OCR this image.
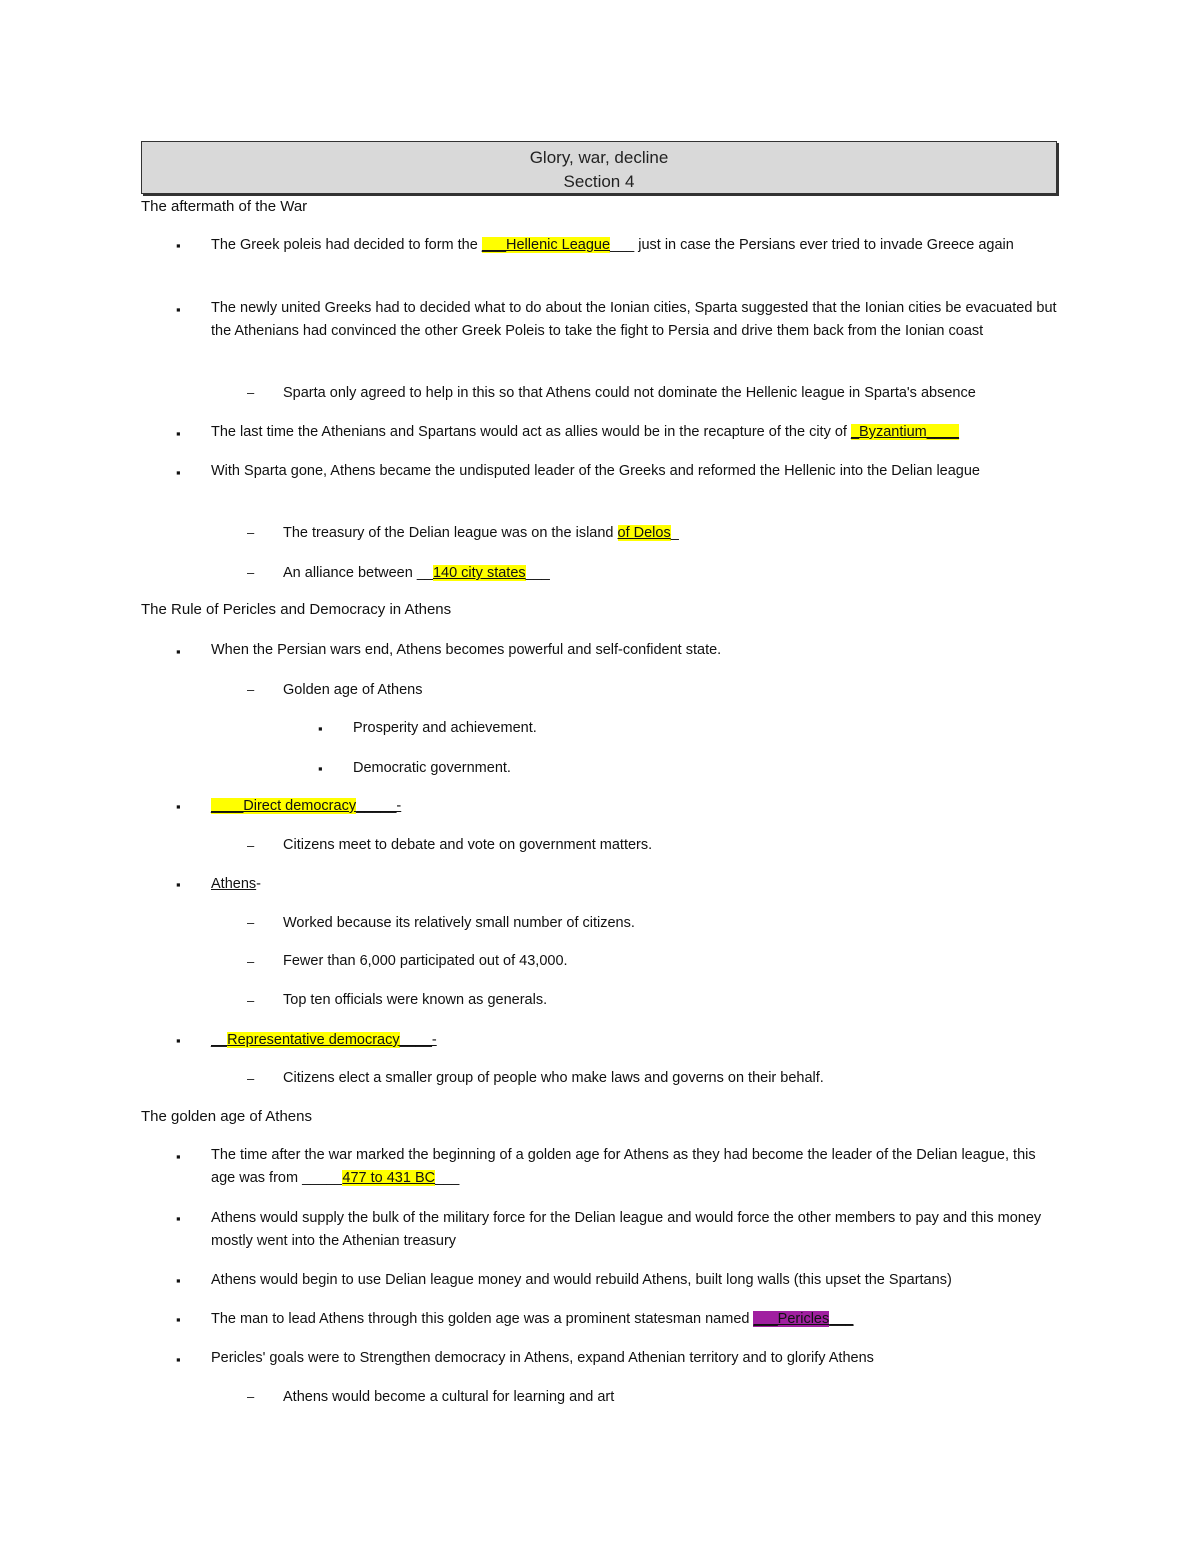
Glory, war, decline
Section 4
The aftermath of the War
▪ The Greek poleis had decided to form the ___Hellenic League___ just in case the Persians ever tried to invade Greece again
▪ The newly united Greeks had to decided what to do about the Ionian cities, Sparta suggested that the Ionian cities be evacuated but the Athenians had convinced the other Greek Poleis to take the fight to Persia and drive them back from the Ionian coast
– Sparta only agreed to help in this so that Athens could not dominate the Hellenic league in Sparta's absence
▪ The last time the Athenians and Spartans would act as allies would be in the recapture of the city of _Byzantium____
▪ With Sparta gone, Athens became the undisputed leader of the Greeks and reformed the Hellenic into the Delian league
– The treasury of the Delian league was on the island of Delos_
– An alliance between __140 city states___
The Rule of Pericles and Democracy in Athens
▪ When the Persian wars end, Athens becomes powerful and self-confident state.
– Golden age of Athens
▪ Prosperity and achievement.
▪ Democratic government.
▪ ____Direct democracy_____-
– Citizens meet to debate and vote on government matters.
▪ Athens-
– Worked because its relatively small number of citizens.
– Fewer than 6,000 participated out of 43,000.
– Top ten officials were known as generals.
▪ __Representative democracy____-
– Citizens elect a smaller group of people who make laws and governs on their behalf.
The golden age of Athens
▪ The time after the war marked the beginning of a golden age for Athens as they had become the leader of the Delian league, this age was from _____477 to 431 BC___
▪ Athens would supply the bulk of the military force for the Delian league and would force the other members to pay and this money mostly went into the Athenian treasury
▪ Athens would begin to use Delian league money and would rebuild Athens, built long walls (this upset the Spartans)
▪ The man to lead Athens through this golden age was a prominent statesman named ___Pericles___
▪ Pericles' goals were to Strengthen democracy in Athens, expand Athenian territory and to glorify Athens
– Athens would become a cultural for learning and art
